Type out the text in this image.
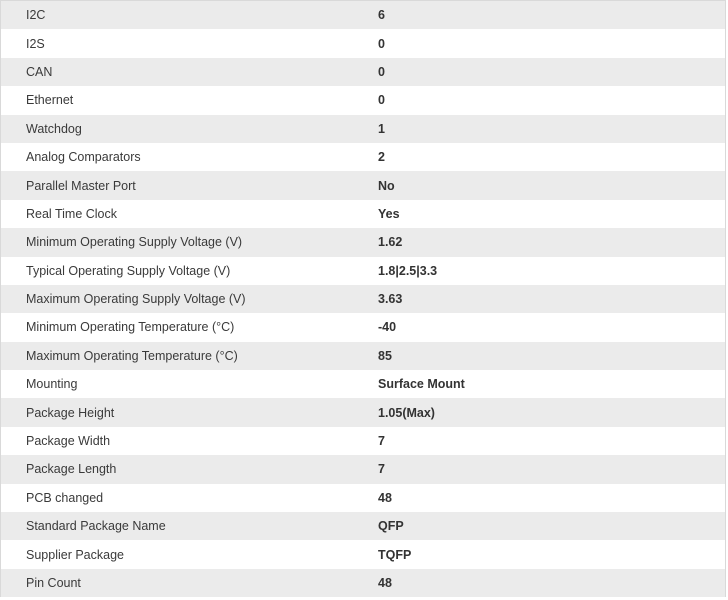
I2C	6
I2S	0
CAN	0
Ethernet	0
Watchdog	1
Analog Comparators	2
Parallel Master Port	No
Real Time Clock	Yes
Minimum Operating Supply Voltage (V)	1.62
Typical Operating Supply Voltage (V)	1.8|2.5|3.3
Maximum Operating Supply Voltage (V)	3.63
Minimum Operating Temperature (°C)	-40
Maximum Operating Temperature (°C)	85
Mounting	Surface Mount
Package Height	1.05(Max)
Package Width	7
Package Length	7
PCB changed	48
Standard Package Name	QFP
Supplier Package	TQFP
Pin Count	48
